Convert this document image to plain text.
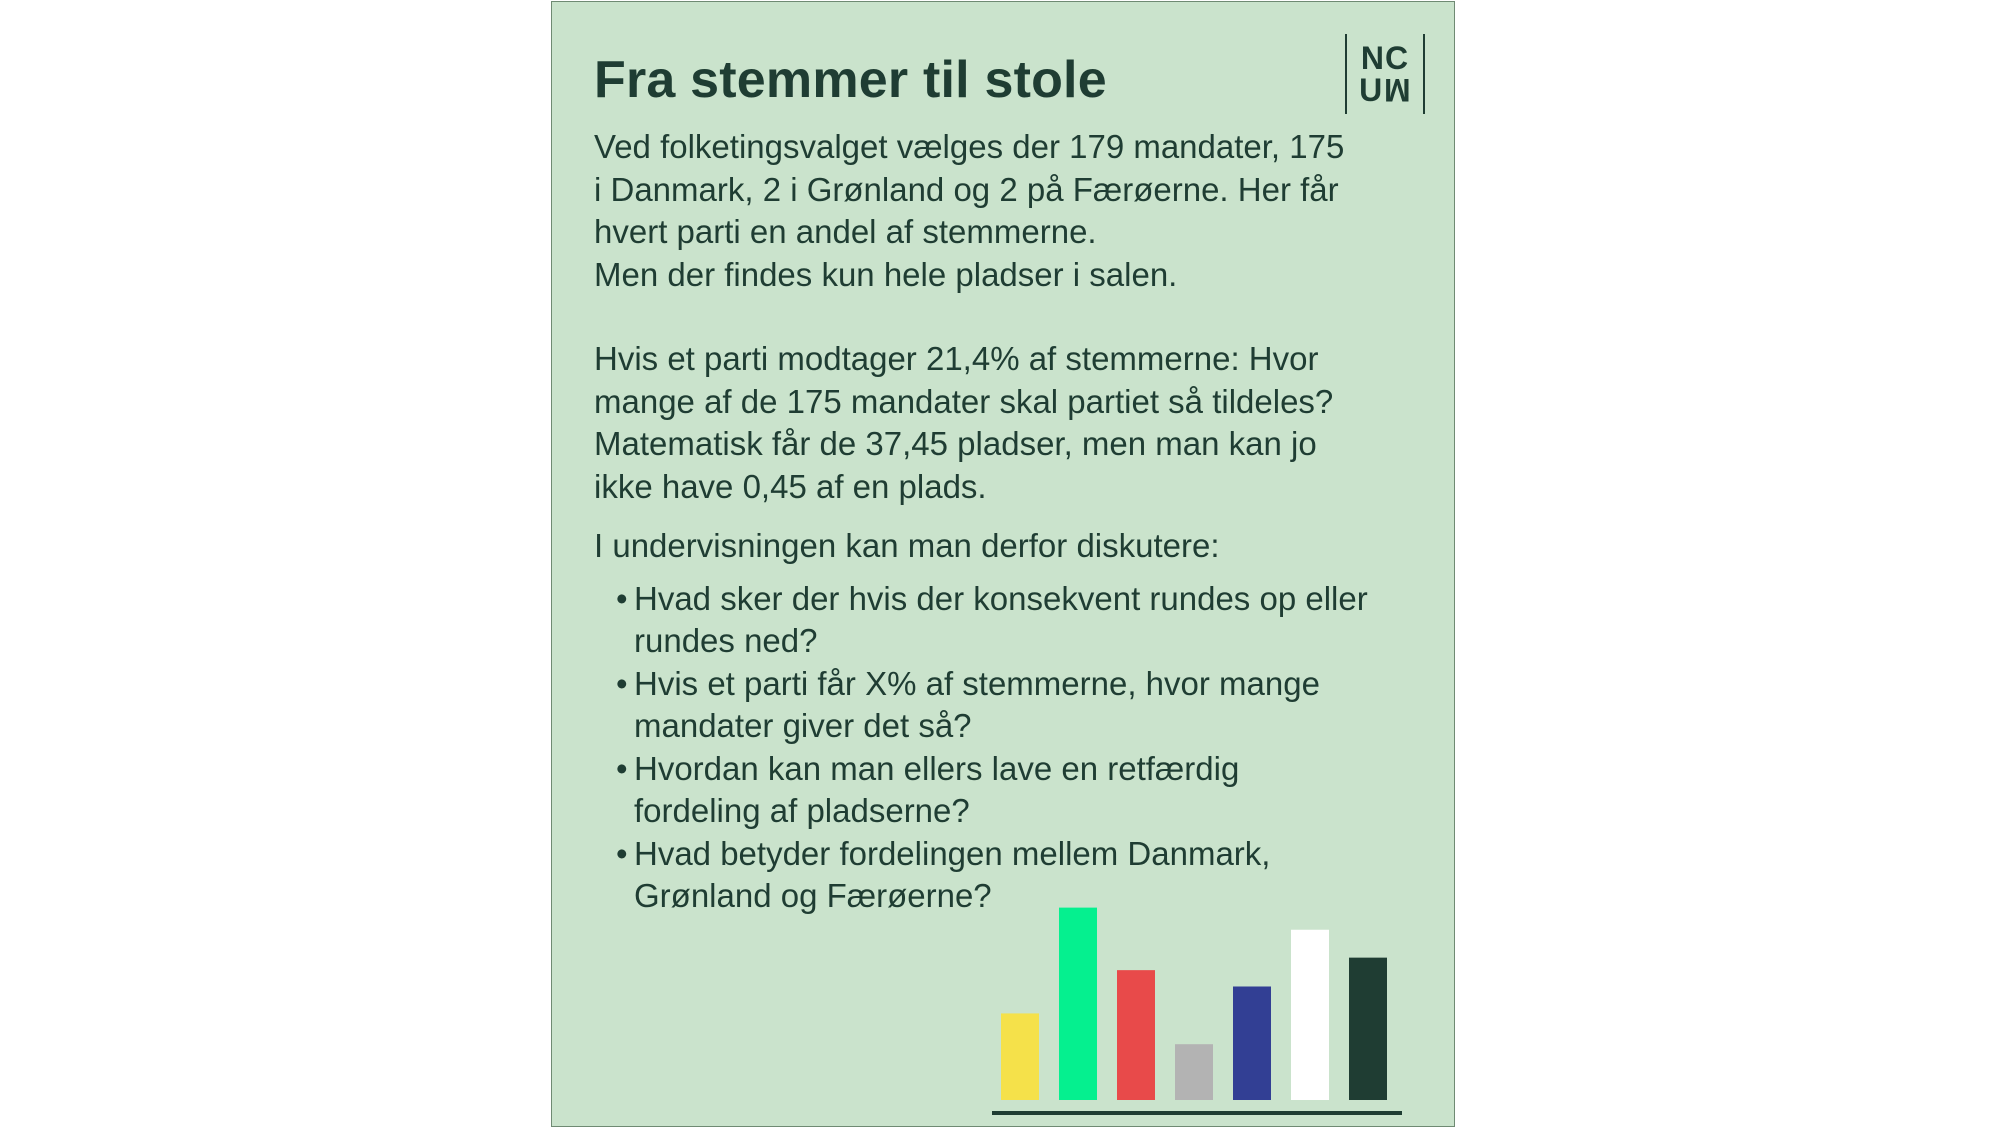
Fra stemmer til stole	NC
UM

Ved folketingsvalget vælges der 179 mandater, 175

i Danmark, 2 i Grønland og 2 på Færøerne. Her får

hvert parti en andel af stemmerne.

Men der findes kun hele pladser i salen.

Hvis et parti modtager 21,4% af stemmerne: Hvor

mange af de 175 mandater skal partiet så tildeles?

Matematisk får de 37,45 pladser, men man kan jo

ikke have 0,45 af en plads.

I undervisningen kan man derfor diskutere:

• Hvad sker der hvis der konsekvent rundes op eller
rundes ned?
• Hvis et parti får X% af stemmerne, hvor mange
mandater giver det så?
• Hvordan kan man ellers lave en retfærdig
fordeling af pladserne?
• Hvad betyder fordelingen mellem Danmark,
Grønland og Færøerne?
